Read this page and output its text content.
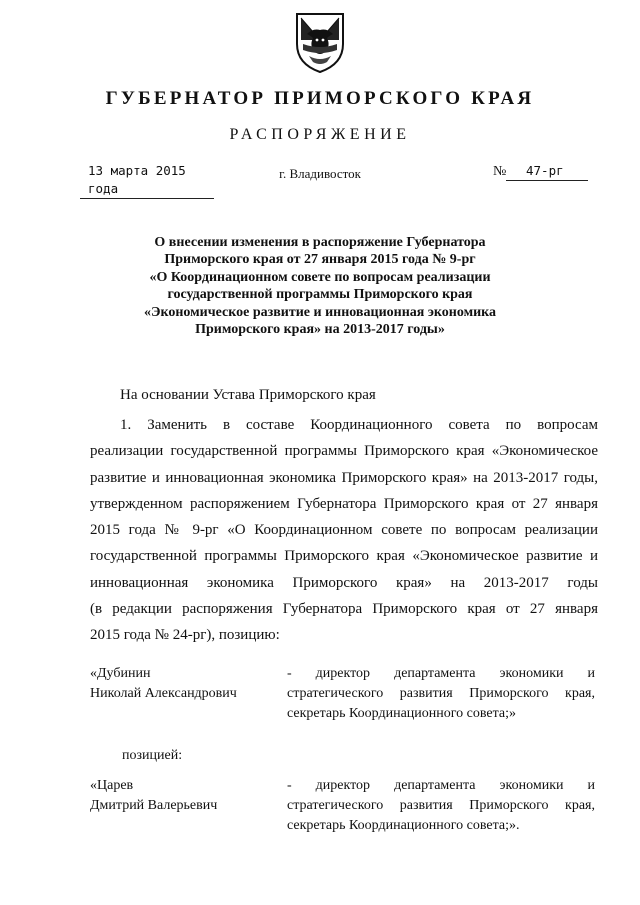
ГУБЕРНАТОР ПРИМОРСКОГО КРАЯ
РАСПОРЯЖЕНИЕ
13 марта 2015 года
г. Владивосток	№	47-рг
О внесении изменения в распоряжение Губернатора
Приморского края от 27 января 2015 года № 9-рг
«О Координационном совете по вопросам реализации
государственной программы Приморского края
«Экономическое развитие и инновационная экономика
Приморского края» на 2013-2017 годы»
На основании Устава Приморского края
1. Заменить в составе Координационного совета по вопросам
реализации государственной программы Приморского края «Экономическое
развитие и инновационная экономика Приморского края» на 2013-2017 годы,
утвержденном распоряжением Губернатора Приморского края от 27 января
2015 года № 9-рг «О Координационном совете по вопросам реализации
государственной программы Приморского края «Экономическое развитие и
инновационная экономика Приморского края» на 2013-2017 годы
(в редакции распоряжения Губернатора Приморского края от 27 января
2015 года № 24-рг), позицию:
«Дубинин
Николай Александрович
- директор департамента экономики и
стратегического развития Приморского края,
секретарь Координационного совета;»
позицией:
«Царев
Дмитрий Валерьевич
- директор департамента экономики и
стратегического развития Приморского края,
секретарь Координационного совета;».
